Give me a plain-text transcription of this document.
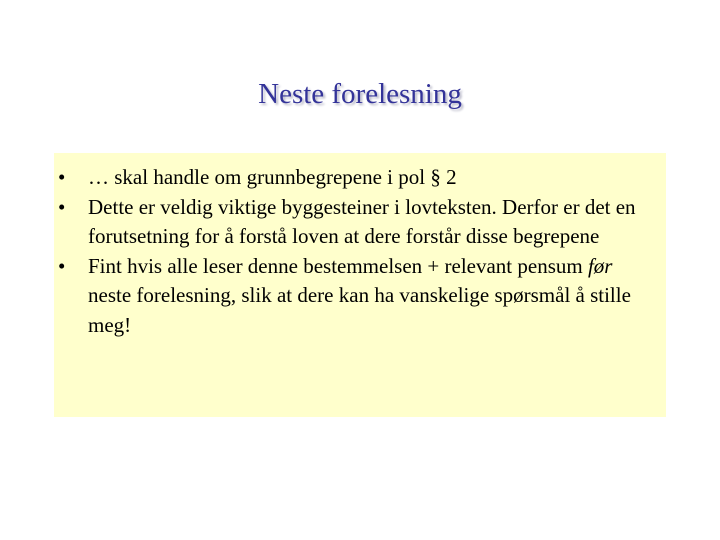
Neste forelesning
• … skal handle om grunnbegrepene i pol § 2
• Dette er veldig viktige byggesteiner i lovteksten. Derfor er det en forutsetning for å forstå loven at dere forstår disse begrepene
• Fint hvis alle leser denne bestemmelsen + relevant pensum før neste forelesning, slik at dere kan ha vanskelige spørsmål å stille meg!
